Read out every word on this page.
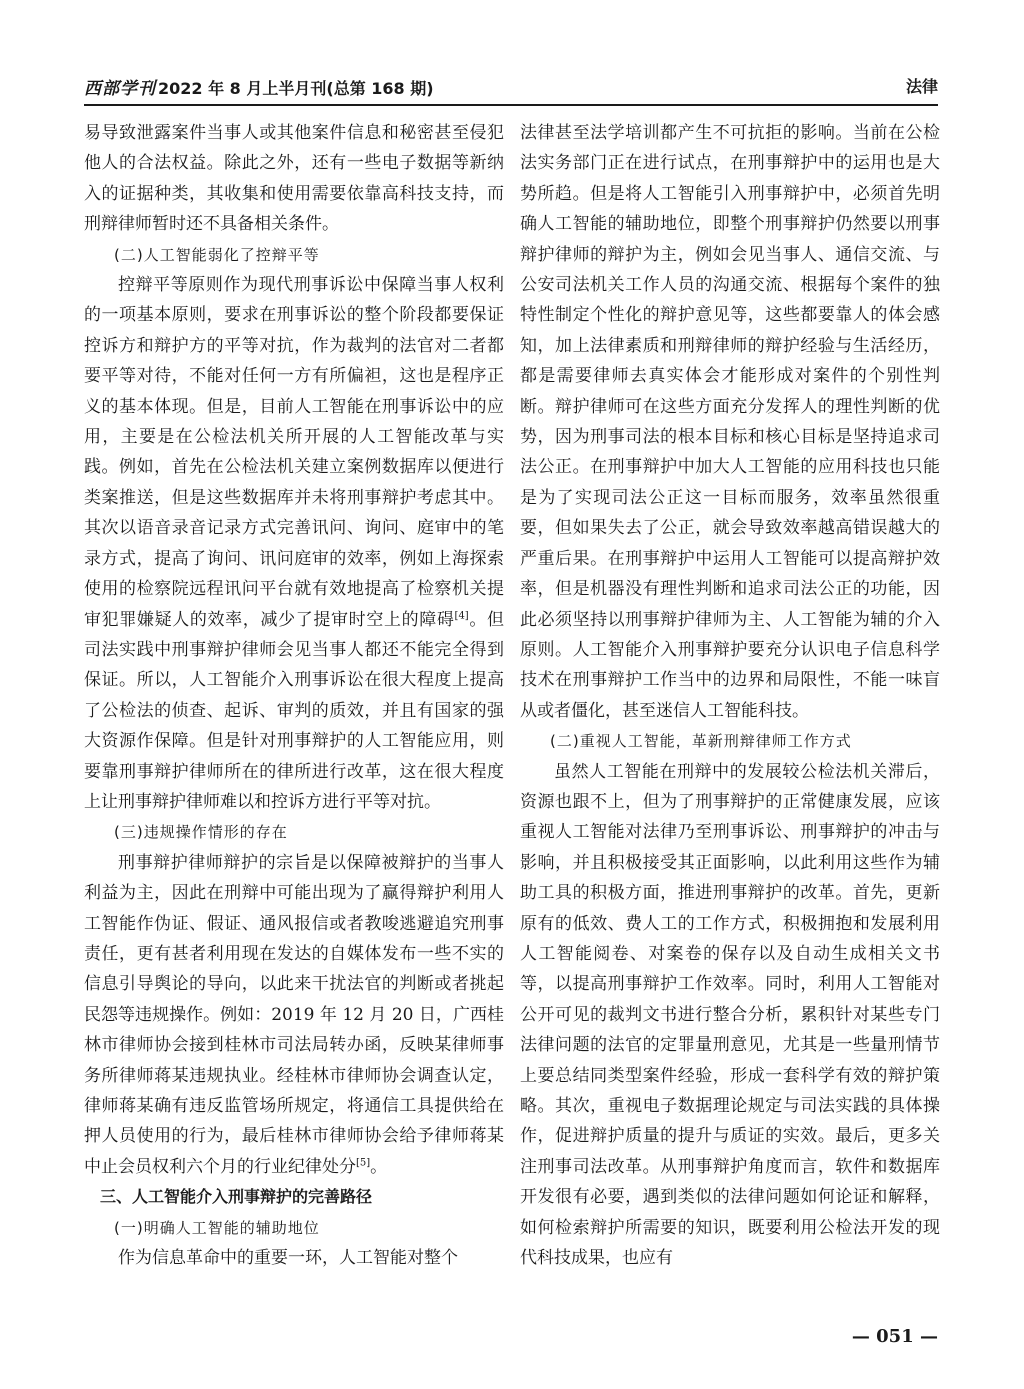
西部学刊 2022 年 8 月上半月刊(总第 168 期)	法律

易导致泄露案件当事人或其他案件信息和秘密甚至侵犯他人的合法权益。除此之外，还有一些电子数据等新纳入的证据种类，其收集和使用需要依靠高科技支持，而刑辩律师暂时还不具备相关条件。

(二)人工智能弱化了控辩平等

控辩平等原则作为现代刑事诉讼中保障当事人权利的一项基本原则，要求在刑事诉讼的整个阶段都要保证控诉方和辩护方的平等对抗，作为裁判的法官对二者都要平等对待，不能对任何一方有所偏袒，这也是程序正义的基本体现。但是，目前人工智能在刑事诉讼中的应用，主要是在公检法机关所开展的人工智能改革与实践。例如，首先在公检法机关建立案例数据库以便进行类案推送，但是这些数据库并未将刑事辩护考虑其中。其次以语音录音记录方式完善讯问、询问、庭审中的笔录方式，提高了询问、讯问庭审的效率，例如上海探索使用的检察院远程讯问平台就有效地提高了检察机关提审犯罪嫌疑人的效率，减少了提审时空上的障碍[4]。但司法实践中刑事辩护律师会见当事人都还不能完全得到保证。所以，人工智能介入刑事诉讼在很大程度上提高了公检法的侦查、起诉、审判的质效，并且有国家的强大资源作保障。但是针对刑事辩护的人工智能应用，则要靠刑事辩护律师所在的律所进行改革，这在很大程度上让刑事辩护律师难以和控诉方进行平等对抗。

(三)违规操作情形的存在

刑事辩护律师辩护的宗旨是以保障被辩护的当事人利益为主，因此在刑辩中可能出现为了赢得辩护利用人工智能作伪证、假证、通风报信或者教唆逃避追究刑事责任，更有甚者利用现在发达的自媒体发布一些不实的信息引导舆论的导向，以此来干扰法官的判断或者挑起民怨等违规操作。例如：2019 年 12 月 20 日，广西桂林市律师协会接到桂林市司法局转办函，反映某律师事务所律师蒋某违规执业。经桂林市律师协会调查认定，律师蒋某确有违反监管场所规定，将通信工具提供给在押人员使用的行为，最后桂林市律师协会给予律师蒋某中止会员权利六个月的行业纪律处分[5]。

三、人工智能介入刑事辩护的完善路径

(一)明确人工智能的辅助地位

作为信息革命中的重要一环，人工智能对整个

法律甚至法学培训都产生不可抗拒的影响。当前在公检法实务部门正在进行试点，在刑事辩护中的运用也是大势所趋。但是将人工智能引入刑事辩护中，必须首先明确人工智能的辅助地位，即整个刑事辩护仍然要以刑事辩护律师的辩护为主，例如会见当事人、通信交流、与公安司法机关工作人员的沟通交流、根据每个案件的独特性制定个性化的辩护意见等，这些都要靠人的体会感知，加上法律素质和刑辩律师的辩护经验与生活经历，都是需要律师去真实体会才能形成对案件的个别性判断。辩护律师可在这些方面充分发挥人的理性判断的优势，因为刑事司法的根本目标和核心目标是坚持追求司法公正。在刑事辩护中加大人工智能的应用科技也只能是为了实现司法公正这一目标而服务，效率虽然很重要，但如果失去了公正，就会导致效率越高错误越大的严重后果。在刑事辩护中运用人工智能可以提高辩护效率，但是机器没有理性判断和追求司法公正的功能，因此必须坚持以刑事辩护律师为主、人工智能为辅的介入原则。人工智能介入刑事辩护要充分认识电子信息科学技术在刑事辩护工作当中的边界和局限性，不能一味盲从或者僵化，甚至迷信人工智能科技。

(二)重视人工智能，革新刑辩律师工作方式

虽然人工智能在刑辩中的发展较公检法机关滞后，资源也跟不上，但为了刑事辩护的正常健康发展，应该重视人工智能对法律乃至刑事诉讼、刑事辩护的冲击与影响，并且积极接受其正面影响，以此利用这些作为辅助工具的积极方面，推进刑事辩护的改革。首先，更新原有的低效、费人工的工作方式，积极拥抱和发展利用人工智能阅卷、对案卷的保存以及自动生成相关文书等，以提高刑事辩护工作效率。同时，利用人工智能对公开可见的裁判文书进行整合分析，累积针对某些专门法律问题的法官的定罪量刑意见，尤其是一些量刑情节上要总结同类型案件经验，形成一套科学有效的辩护策略。其次，重视电子数据理论规定与司法实践的具体操作，促进辩护质量的提升与质证的实效。最后，更多关注刑事司法改革。从刑事辩护角度而言，软件和数据库开发很有必要，遇到类似的法律问题如何论证和解释，如何检索辩护所需要的知识，既要利用公检法开发的现代科技成果，也应有

— 051 —
